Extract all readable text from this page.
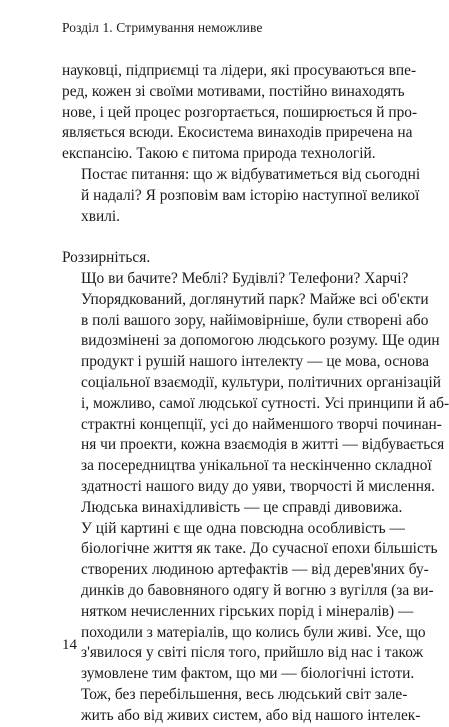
Розділ 1. Стримування неможливе

науковці, підприємці та лідери, які просуваються впе-
ред, кожен зі своїми мотивами, постійно винаходять
нове, і цей процес розгортається, поширюється й про-
являється всюди. Екосистема винаходів приречена на
експансію. Такою є питома природа технологій.

Постає питання: що ж відбуватиметься від сьогодні
й надалі? Я розповім вам історію наступної великої
хвилі.

Роззирніться.

Що ви бачите? Меблі? Будівлі? Телефони? Харчі?
Упорядкований, доглянутий парк? Майже всі об'єкти
в полі вашого зору, найімовірніше, були створені або
видозмінені за допомогою людського розуму. Ще один
продукт і рушій нашого інтелекту — це мова, основа
соціальної взаємодії, культури, політичних організацій
і, можливо, самої людської сутності. Усі принципи й аб-
страктні концепції, усі до найменшого творчі починан-
ня чи проекти, кожна взаємодія в житті — відбувається
за посередництва унікальної та нескінченно складної
здатності нашого виду до уяви, творчості й мислення.
Людська винахідливість — це справді дивовижа.

У цій картині є ще одна повсюдна особливість —
біологічне життя як таке. До сучасної епохи більшість
створених людиною артефактів — від дерев'яних бу-
динків до бавовняного одягу й вогню з вугілля (за ви-
нятком нечисленних гірських порід і мінералів) —
походили з матеріалів, що колись були живі. Усе, що
з'явилося у світі після того, прийшло від нас і також
зумовлене тим фактом, що ми — біологічні істоти.

Тож, без перебільшення, весь людський світ зале-
жить або від живих систем, або від нашого інтелек-

14
